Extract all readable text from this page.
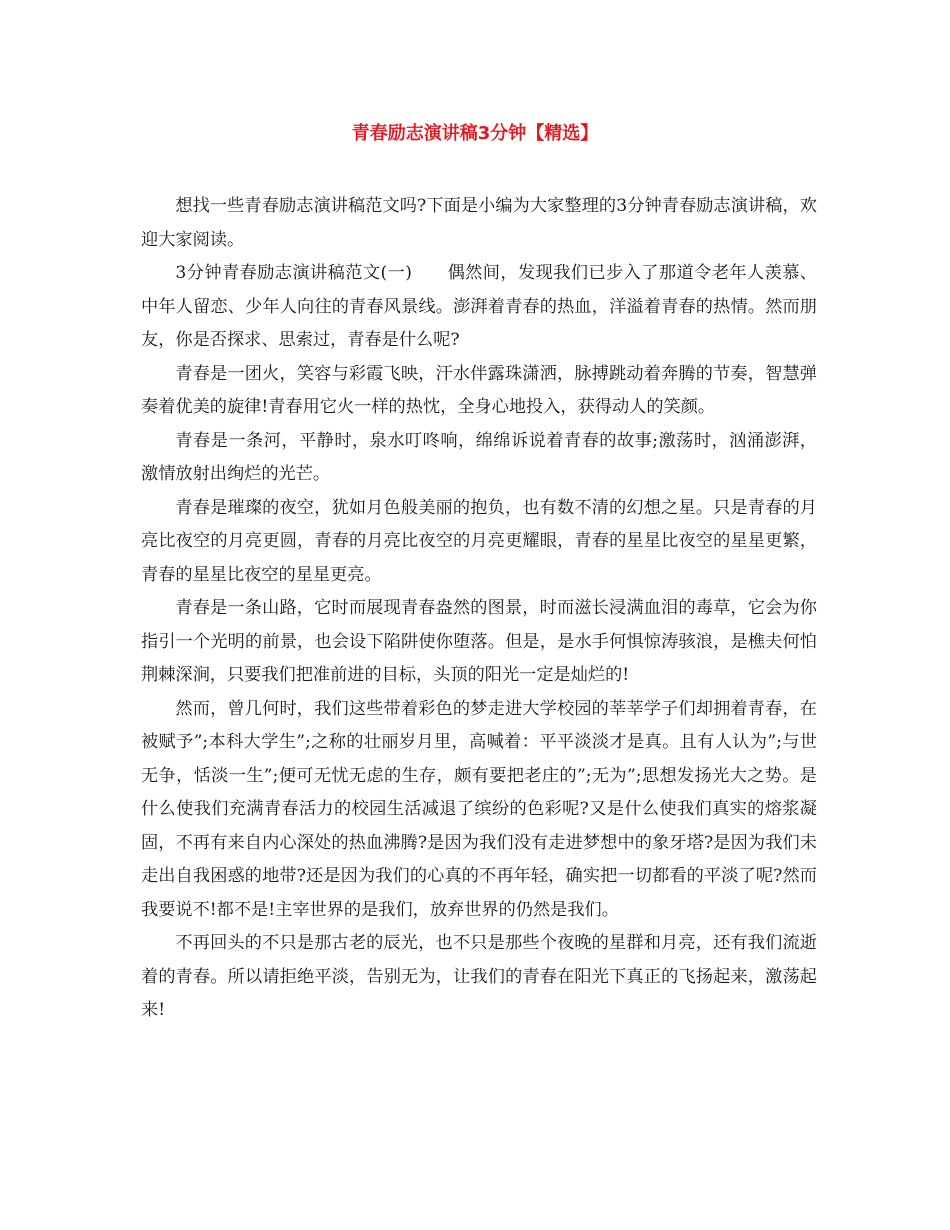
青春励志演讲稿3分钟【精选】

想找一些青春励志演讲稿范文吗?下面是小编为大家整理的3分钟青春励志演讲稿，欢迎大家阅读。

3分钟青春励志演讲稿范文(一)　　偶然间，发现我们已步入了那道令老年人羡慕、中年人留恋、少年人向往的青春风景线。澎湃着青春的热血，洋溢着青春的热情。然而朋友，你是否探求、思索过，青春是什么呢?

青春是一团火，笑容与彩霞飞映，汗水伴露珠潇洒，脉搏跳动着奔腾的节奏，智慧弹奏着优美的旋律!青春用它火一样的热忱，全身心地投入，获得动人的笑颜。

青春是一条河，平静时，泉水叮咚响，绵绵诉说着青春的故事;激荡时，汹涌澎湃，激情放射出绚烂的光芒。

青春是璀璨的夜空，犹如月色般美丽的抱负，也有数不清的幻想之星。只是青春的月亮比夜空的月亮更圆，青春的月亮比夜空的月亮更耀眼，青春的星星比夜空的星星更繁，青春的星星比夜空的星星更亮。

青春是一条山路，它时而展现青春盎然的图景，时而滋长浸满血泪的毒草，它会为你指引一个光明的前景，也会设下陷阱使你堕落。但是，是水手何惧惊涛骇浪，是樵夫何怕荆棘深涧，只要我们把准前进的目标，头顶的阳光一定是灿烂的!

然而，曾几何时，我们这些带着彩色的梦走进大学校园的莘莘学子们却拥着青春，在被赋予”;本科大学生”;之称的壮丽岁月里，高喊着：平平淡淡才是真。且有人认为”;与世无争，恬淡一生”;便可无忧无虑的生存，颇有要把老庄的”;无为”;思想发扬光大之势。是什么使我们充满青春活力的校园生活减退了缤纷的色彩呢?又是什么使我们真实的熔浆凝固，不再有来自内心深处的热血沸腾?是因为我们没有走进梦想中的象牙塔?是因为我们未走出自我困惑的地带?还是因为我们的心真的不再年轻，确实把一切都看的平淡了呢?然而我要说不!都不是!主宰世界的是我们，放弃世界的仍然是我们。

不再回头的不只是那古老的辰光，也不只是那些个夜晚的星群和月亮，还有我们流逝着的青春。所以请拒绝平淡，告别无为，让我们的青春在阳光下真正的飞扬起来，激荡起来!
